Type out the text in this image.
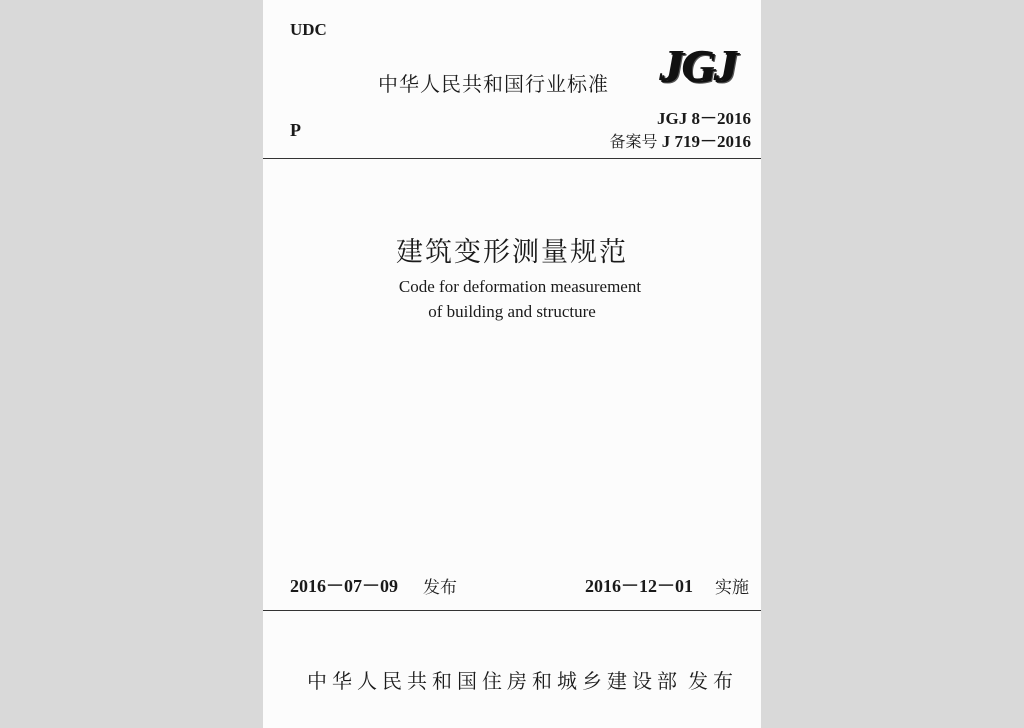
UDC
中华人民共和国行业标准 JGJ
P
JGJ 8－2016
备案号 J 719－2016
建筑变形测量规范
Code for deformation measurement
of building and structure
2016－07－09 发布	2016－12－01 实施
中华人民共和国住房和城乡建设部 发布
